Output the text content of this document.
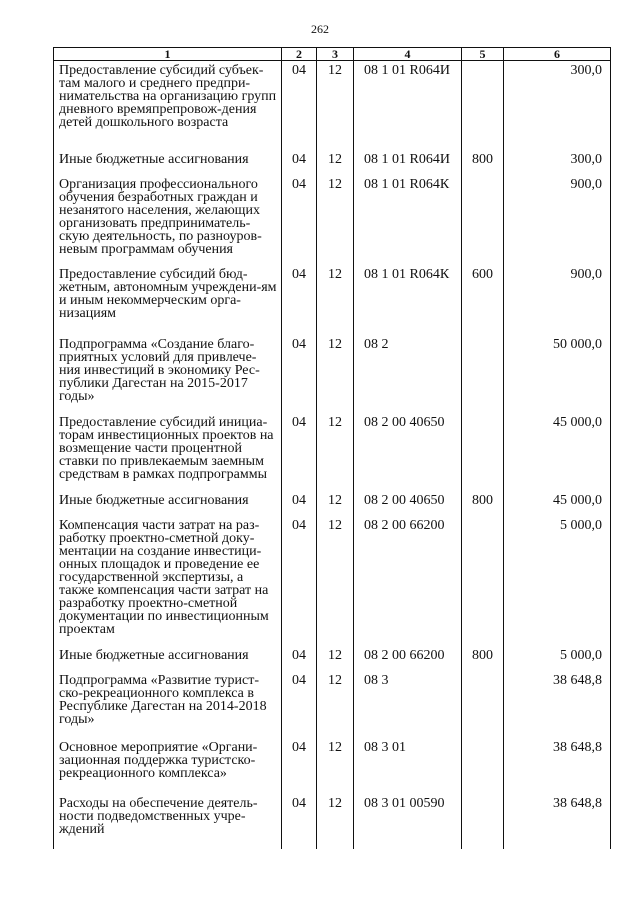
262
1	2	3	4	5	6
Предоставление субсидий субъек-там малого и среднего предпри-нимательства на организацию групп дневного времяпрепровож-дения детей дошкольного возраста	04	12	08 1 01 R064И		300,0
Иные бюджетные ассигнования	04	12	08 1 01 R064И	800	300,0
Организация профессионального обучения безработных граждан и незанятого населения, желающих организовать предприниматель-скую деятельность, по разноуров-невым программам обучения	04	12	08 1 01 R064К		900,0
Предоставление субсидий бюд-жетным, автономным учреждени-ям и иным некоммерческим орга-низациям	04	12	08 1 01 R064К	600	900,0
Подпрограмма «Создание благо-приятных условий для привлече-ния инвестиций в экономику Рес-публики Дагестан на 2015-2017 годы»	04	12	08 2		50 000,0
Предоставление субсидий инициа-торам инвестиционных проектов на возмещение части процентной ставки по привлекаемым заемным средствам в рамках подпрограммы	04	12	08 2 00 40650		45 000,0
Иные бюджетные ассигнования	04	12	08 2 00 40650	800	45 000,0
Компенсация части затрат на раз-работку проектно-сметной доку-ментации на создание инвестици-онных площадок и проведение ее государственной экспертизы, а также компенсация части затрат на разработку проектно-сметной документации по инвестиционным проектам	04	12	08 2 00 66200		5 000,0
Иные бюджетные ассигнования	04	12	08 2 00 66200	800	5 000,0
Подпрограмма «Развитие турист-ско-рекреационного комплекса в Республике Дагестан на 2014-2018 годы»	04	12	08 3		38 648,8
Основное мероприятие «Органи-зационная поддержка туристско-рекреационного комплекса»	04	12	08 3 01		38 648,8
Расходы на обеспечение деятель-ности подведомственных учре-ждений	04	12	08 3 01 00590		38 648,8
